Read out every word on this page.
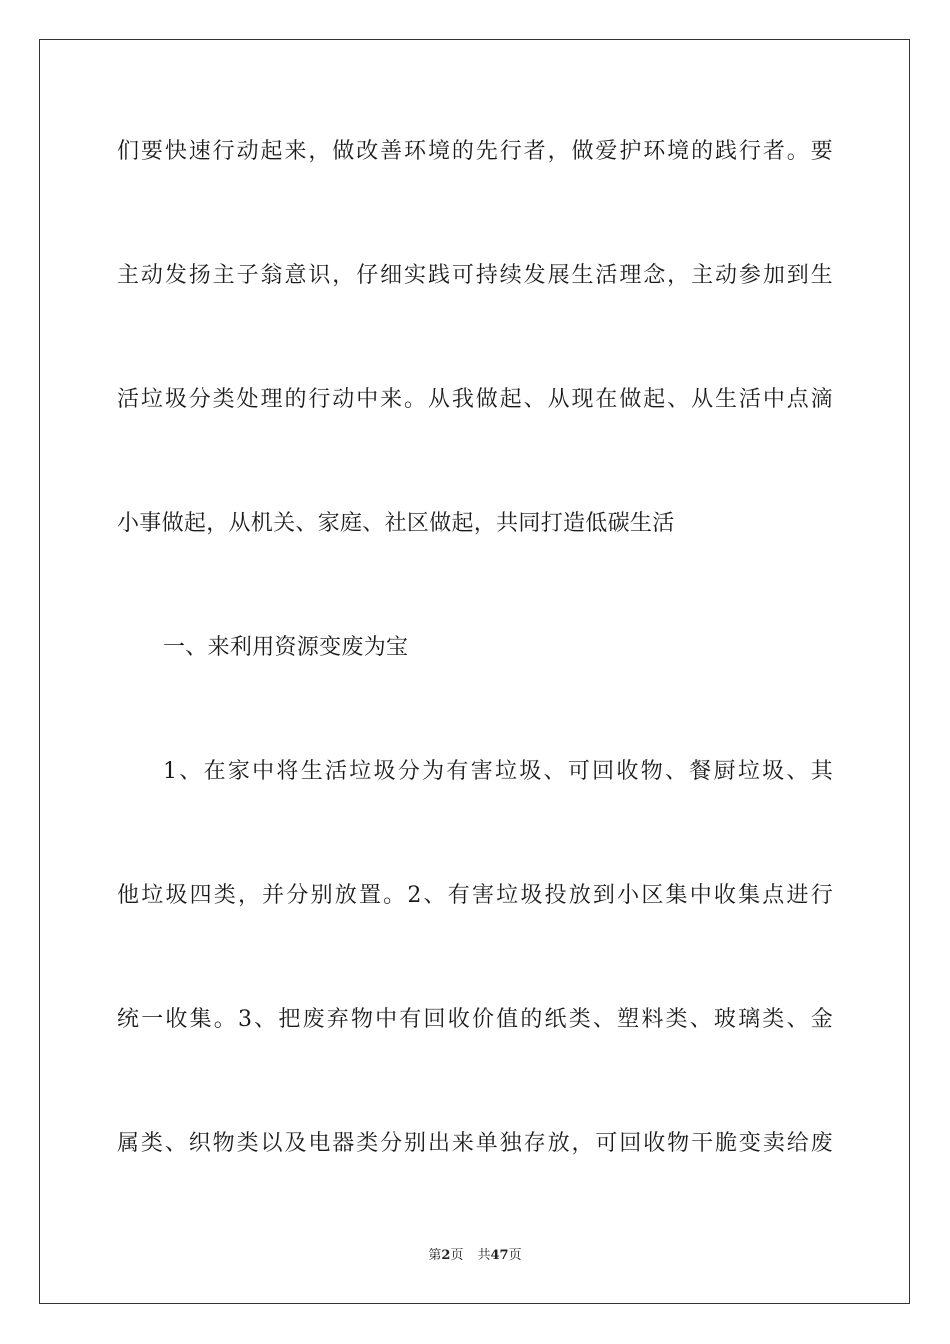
们要快速行动起来，做改善环境的先行者，做爱护环境的践行者。要
主动发扬主子翁意识，仔细实践可持续发展生活理念，主动参加到生
活垃圾分类处理的行动中来。从我做起、从现在做起、从生活中点滴
小事做起，从机关、家庭、社区做起，共同打造低碳生活
一、来利用资源变废为宝
1、在家中将生活垃圾分为有害垃圾、可回收物、餐厨垃圾、其
他垃圾四类，并分别放置。2、有害垃圾投放到小区集中收集点进行
统一收集。3、把废弃物中有回收价值的纸类、塑料类、玻璃类、金
属类、织物类以及电器类分别出来单独存放，可回收物干脆变卖给废
第2页 共47页
